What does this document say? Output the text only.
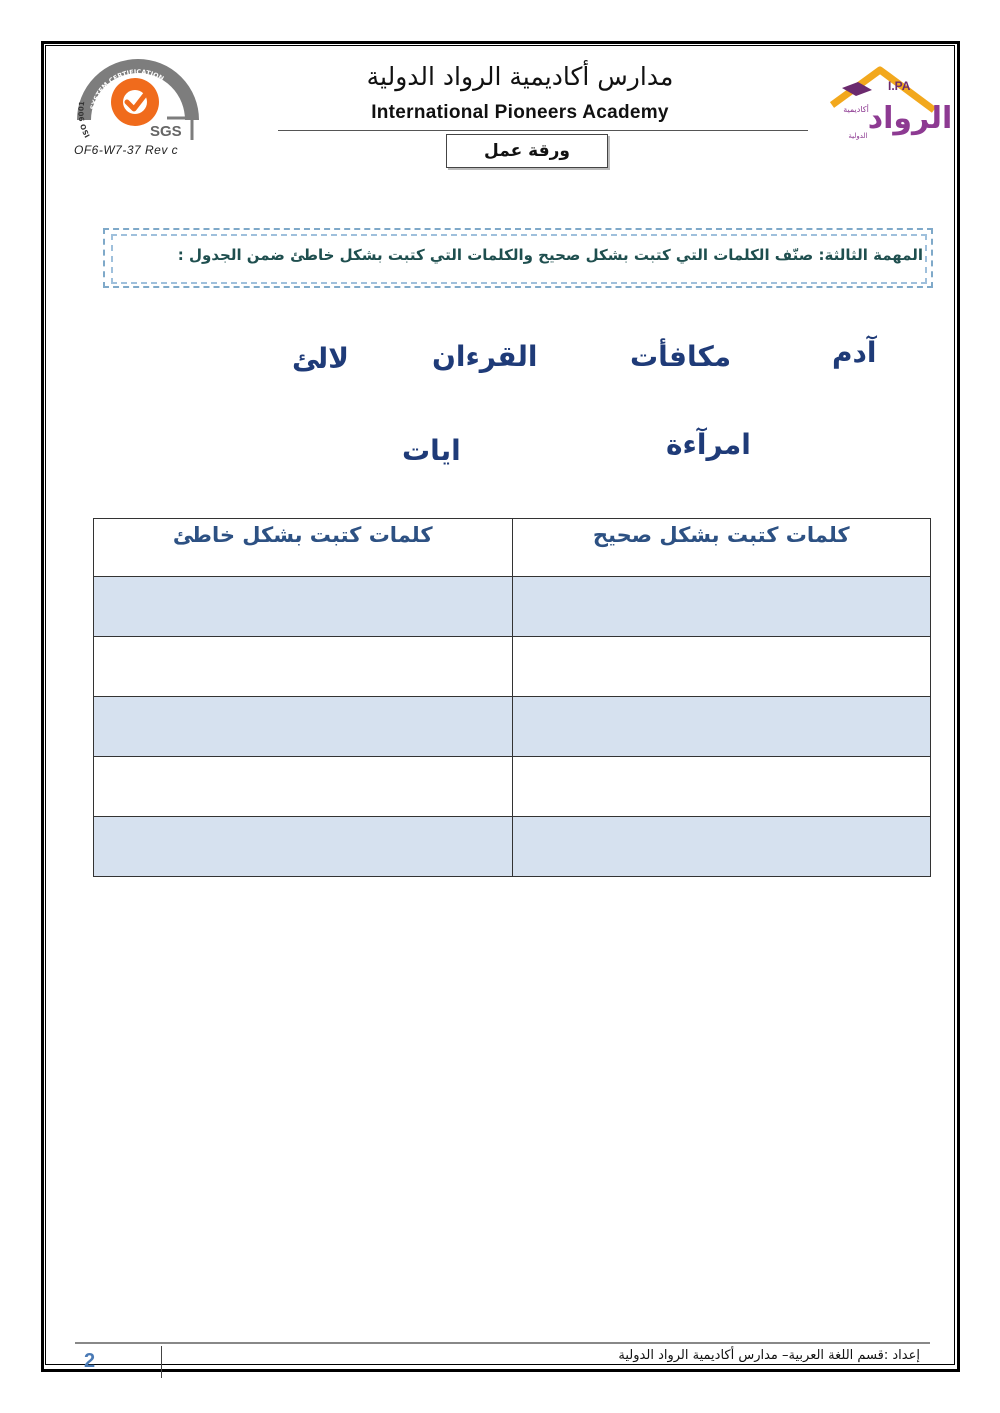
SYSTEM CERTIFICATION
ISO 9001
SGS
OF6-W7-37 Rev c
مدارس أكاديمية الرواد الدولية
International Pioneers Academy
ورقة عمل
I.PA
الرواد
أكاديمية
الدولية
المهمة الثالثة: صنّف الكلمات التي كتبت بشكل صحيح والكلمات التي كتبت بشكل خاطئ ضمن الجدول :
آدم
مكافأت
القرءان
لالئ
امرآءة
ايات
كلمات كتبت بشكل خاطئ	كلمات كتبت بشكل صحيح

2	إعداد :قسم اللغة العربية– مدارس أكاديمية الرواد الدولية
